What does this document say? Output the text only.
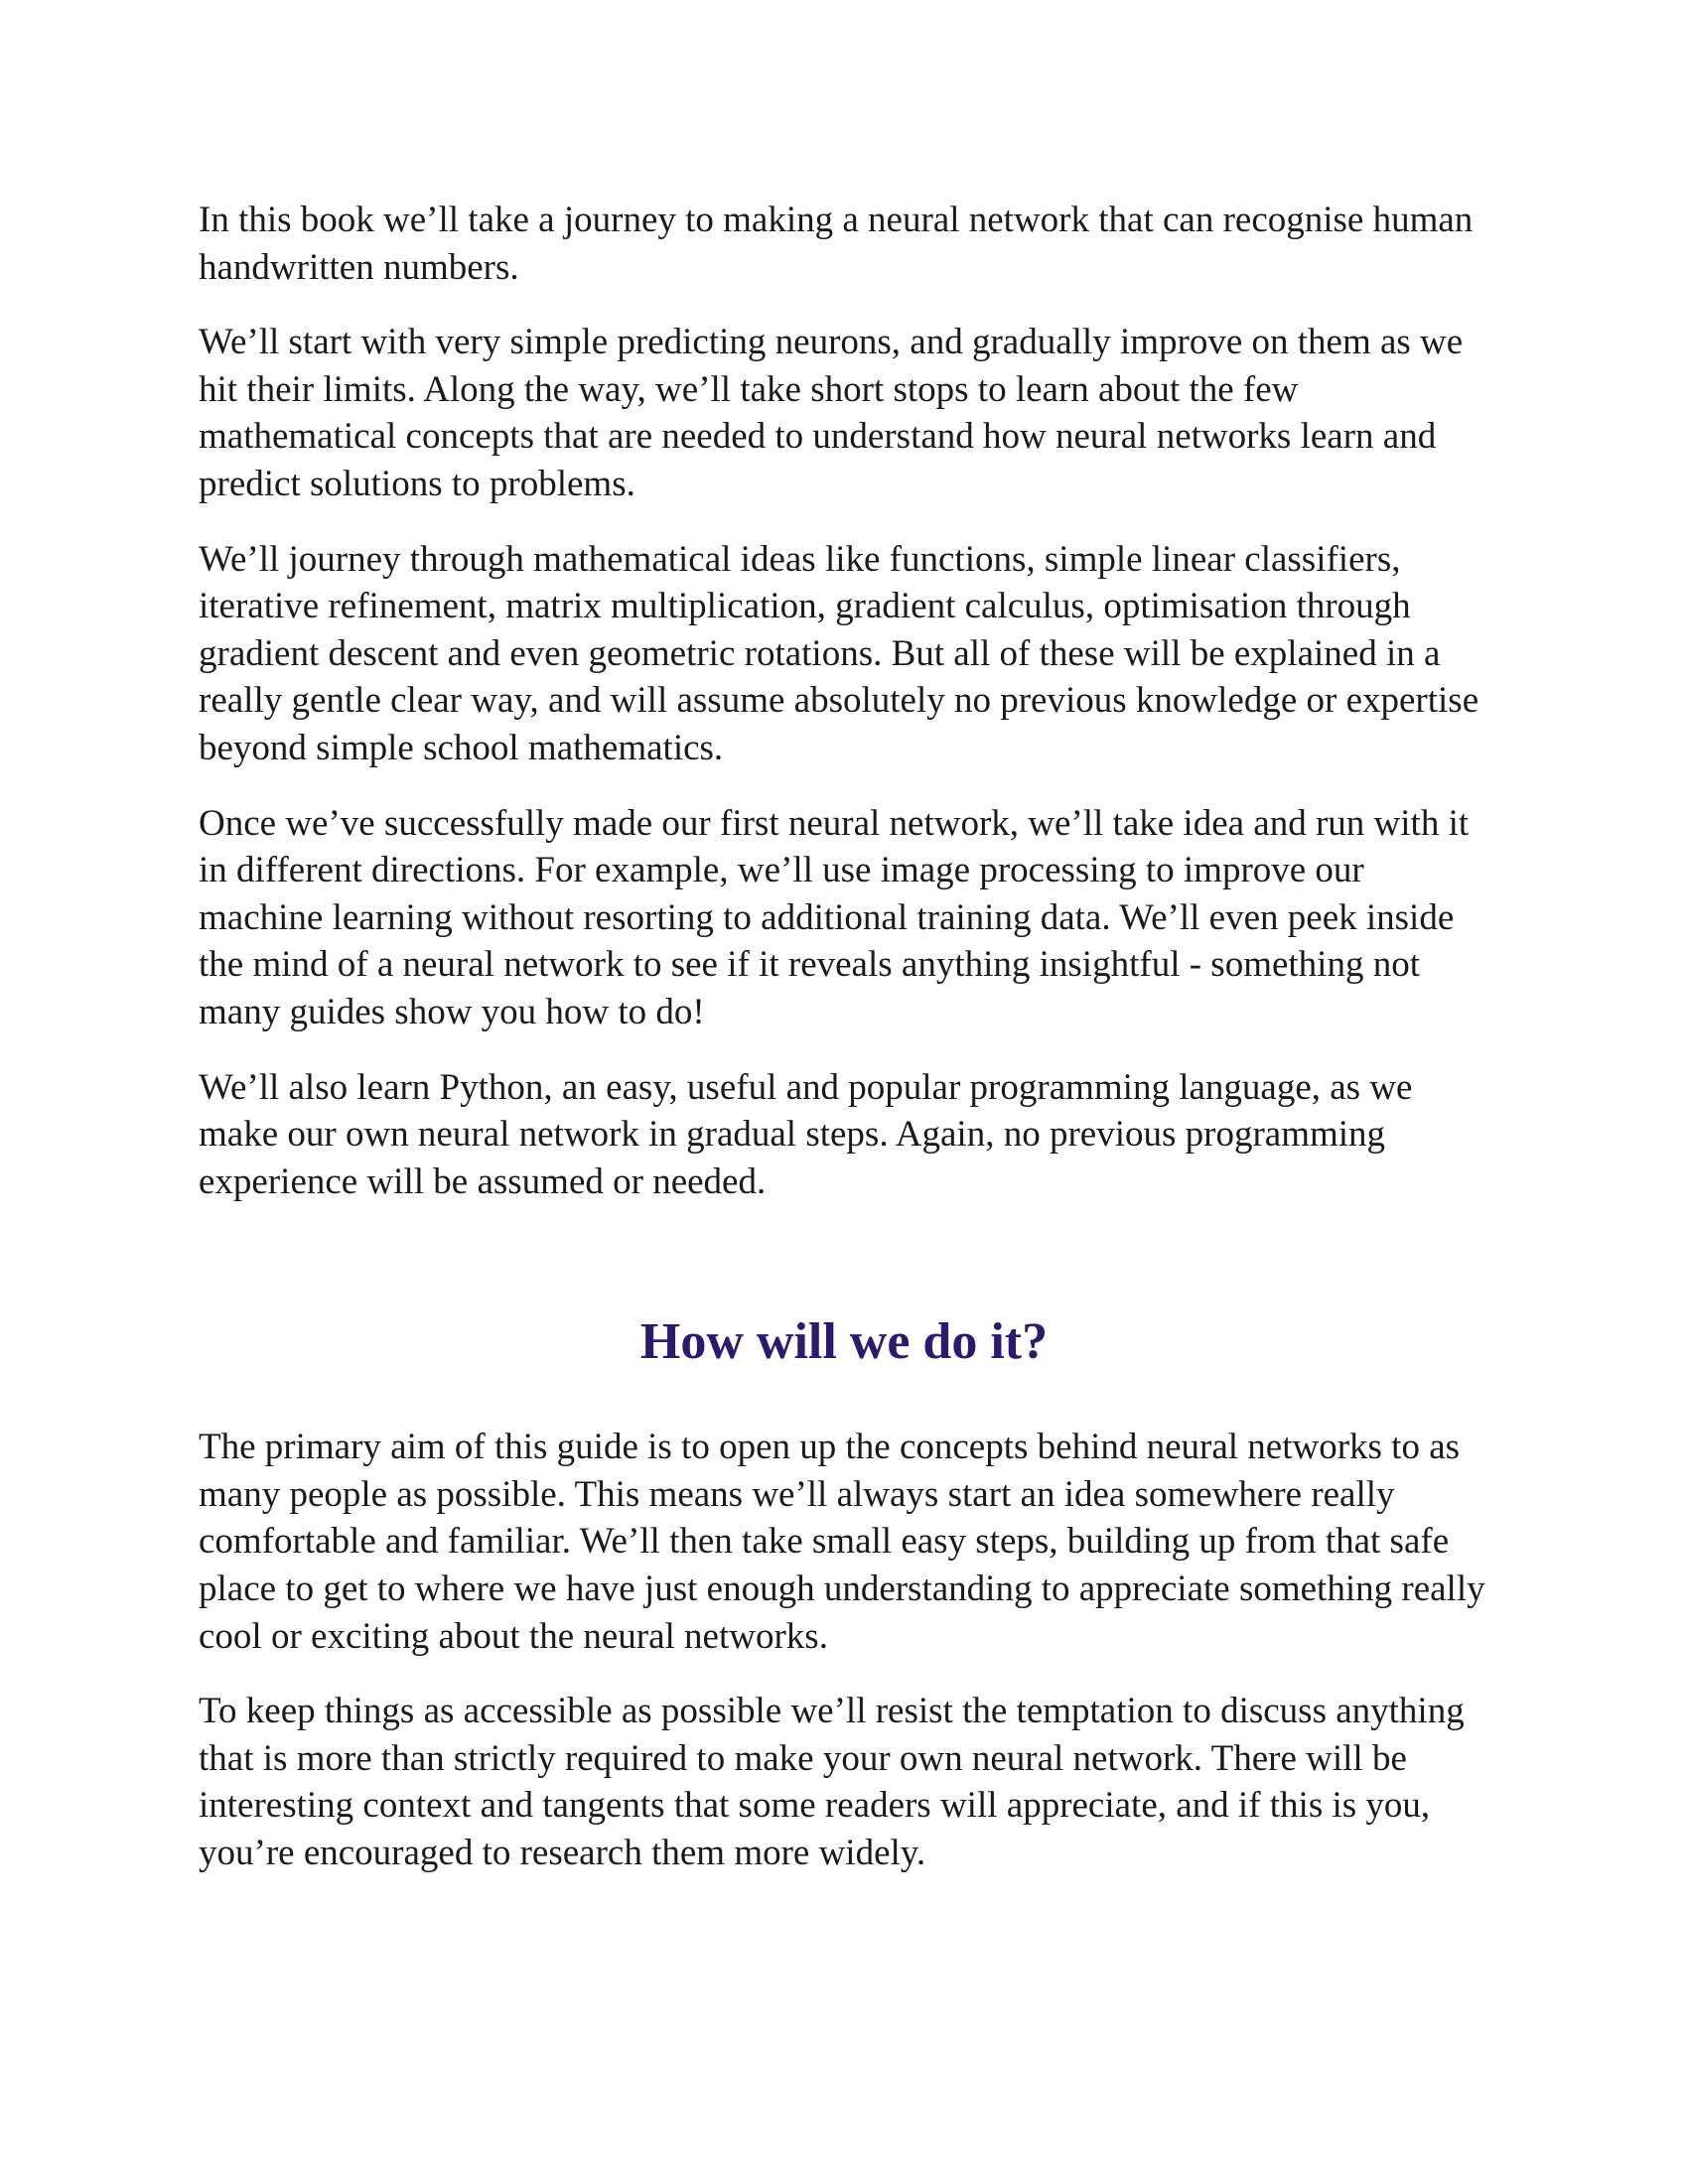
In this book we’ll take a journey to making a neural network that can recognise human handwritten numbers.

We’ll start with very simple predicting neurons, and gradually improve on them as we hit their limits. Along the way, we’ll take short stops to learn about the few mathematical concepts that are needed to understand how neural networks learn and predict solutions to problems.

We’ll journey through mathematical ideas like functions, simple linear classifiers, iterative refinement, matrix multiplication, gradient calculus, optimisation through gradient descent and even geometric rotations. But all of these will be explained in a really gentle clear way, and will assume absolutely no previous knowledge or expertise beyond simple school mathematics.

Once we’ve successfully made our first neural network, we’ll take idea and run with it in different directions. For example, we’ll use image processing to improve our machine learning without resorting to additional training data. We’ll even peek inside the mind of a neural network to see if it reveals anything insightful - something not many guides show you how to do!

We’ll also learn Python, an easy, useful and popular programming language, as we make our own neural network in gradual steps. Again, no previous programming experience will be assumed or needed.

How will we do it?

The primary aim of this guide is to open up the concepts behind neural networks to as many people as possible. This means we’ll always start an idea somewhere really comfortable and familiar. We’ll then take small easy steps, building up from that safe place to get to where we have just enough understanding to appreciate something really cool or exciting about the neural networks.

To keep things as accessible as possible we’ll resist the temptation to discuss anything that is more than strictly required to make your own neural network. There will be interesting context and tangents that some readers will appreciate, and if this is you, you’re encouraged to research them more widely.
